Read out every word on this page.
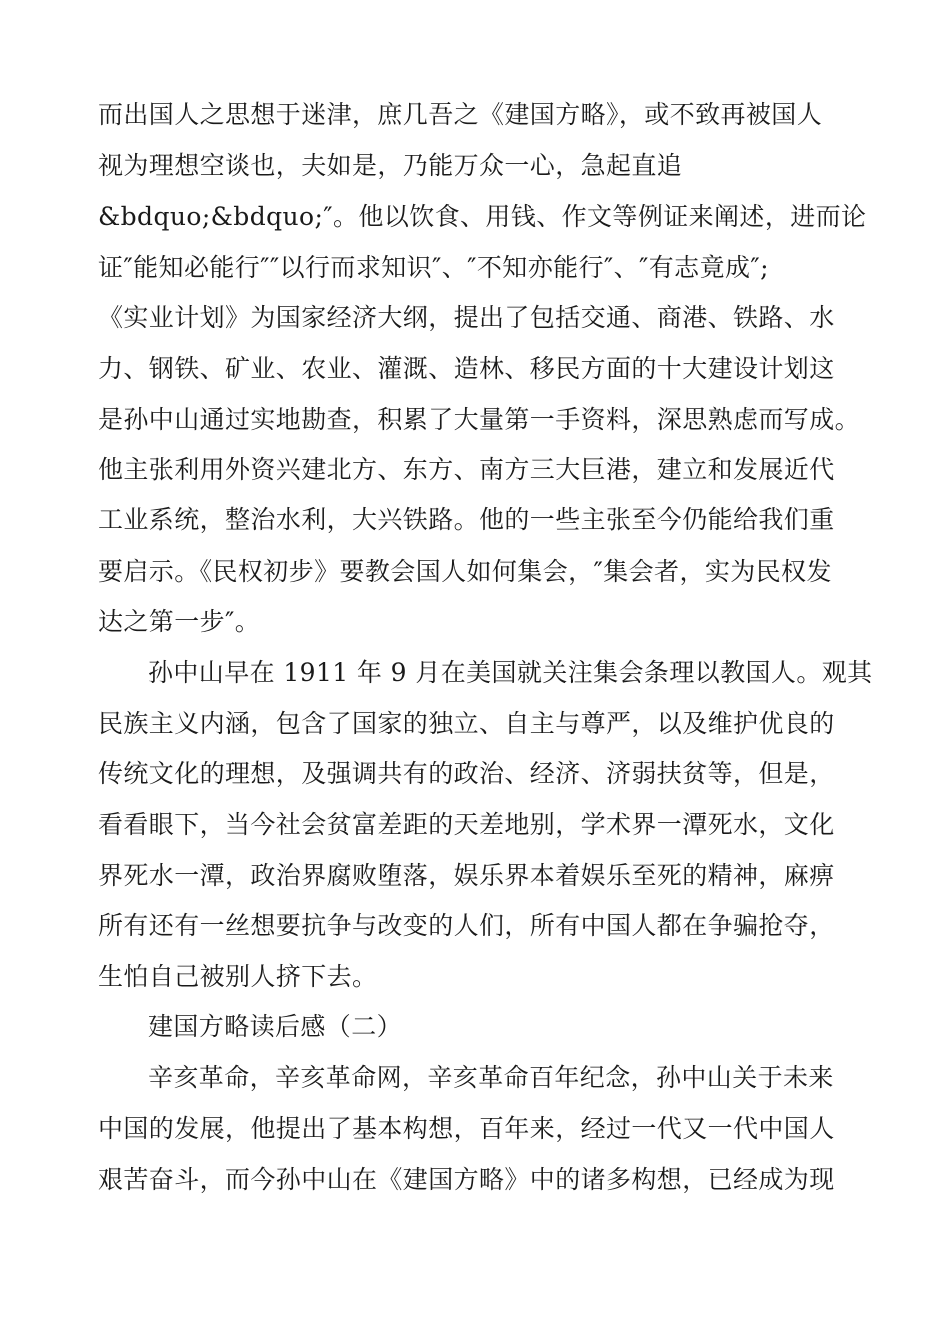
而出国人之思想于迷津，庶几吾之《建国方略》，或不致再被国人
视为理想空谈也，夫如是，乃能万众一心，急起直追
&bdquo;&bdquo;″。他以饮食、用钱、作文等例证来阐述，进而论
证″能知必能行″″以行而求知识″、″不知亦能行″、″有志竟成″;
《实业计划》为国家经济大纲，提出了包括交通、商港、铁路、水
力、钢铁、矿业、农业、灌溉、造林、移民方面的十大建设计划这
是孙中山通过实地勘查，积累了大量第一手资料，深思熟虑而写成。
他主张利用外资兴建北方、东方、南方三大巨港，建立和发展近代
工业系统，整治水利，大兴铁路。他的一些主张至今仍能给我们重
要启示。《民权初步》要教会国人如何集会，″集会者，实为民权发
达之第一步″。
孙中山早在 1911 年 9 月在美国就关注集会条理以教国人。观其
民族主义内涵，包含了国家的独立、自主与尊严，以及维护优良的
传统文化的理想，及强调共有的政治、经济、济弱扶贫等，但是，
看看眼下，当今社会贫富差距的天差地别，学术界一潭死水，文化
界死水一潭，政治界腐败堕落，娱乐界本着娱乐至死的精神，麻痹
所有还有一丝想要抗争与改变的人们，所有中国人都在争骗抢夺，
生怕自己被别人挤下去。
建国方略读后感（二）
辛亥革命，辛亥革命网，辛亥革命百年纪念，孙中山关于未来
中国的发展，他提出了基本构想，百年来，经过一代又一代中国人
艰苦奋斗，而今孙中山在《建国方略》中的诸多构想，已经成为现
